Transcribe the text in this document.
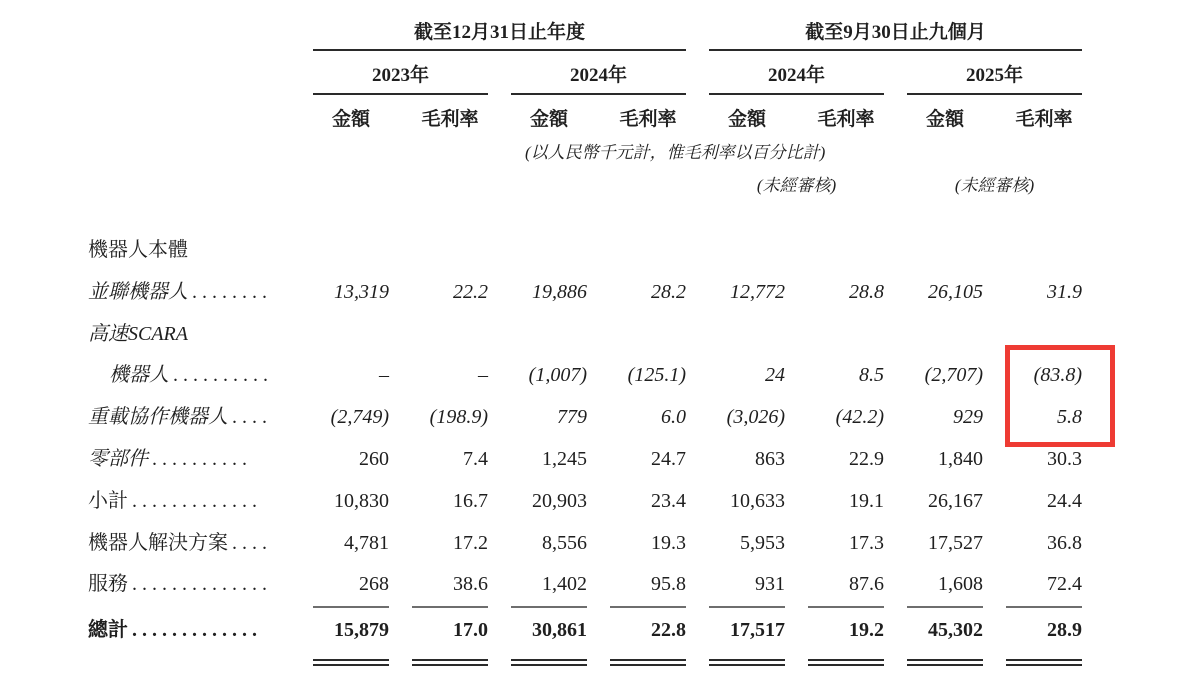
截至12月31日止年度	截至9月30日止九個月
2023年	2024年	2024年	2025年
金額	毛利率	金額	毛利率	金額	毛利率	金額	毛利率
(以人民幣千元計，惟毛利率以百分比計)
(未經審核)	(未經審核)
機器人本體
並聯機器人 ........	13,319	22.2	19,886	28.2	12,772	28.8	26,105	31.9
高速SCARA
機器人 ..........	–	–	(1,007)	(125.1)	24	8.5	(2,707)	(83.8)
重載協作機器人 ....	(2,749)	(198.9)	779	6.0	(3,026)	(42.2)	929	5.8
零部件 ..........	260	7.4	1,245	24.7	863	22.9	1,840	30.3
小計 .............	10,830	16.7	20,903	23.4	10,633	19.1	26,167	24.4
機器人解決方案 ....	4,781	17.2	8,556	19.3	5,953	17.3	17,527	36.8
服務 ..............	268	38.6	1,402	95.8	931	87.6	1,608	72.4
總計 .............	15,879	17.0	30,861	22.8	17,517	19.2	45,302	28.9
